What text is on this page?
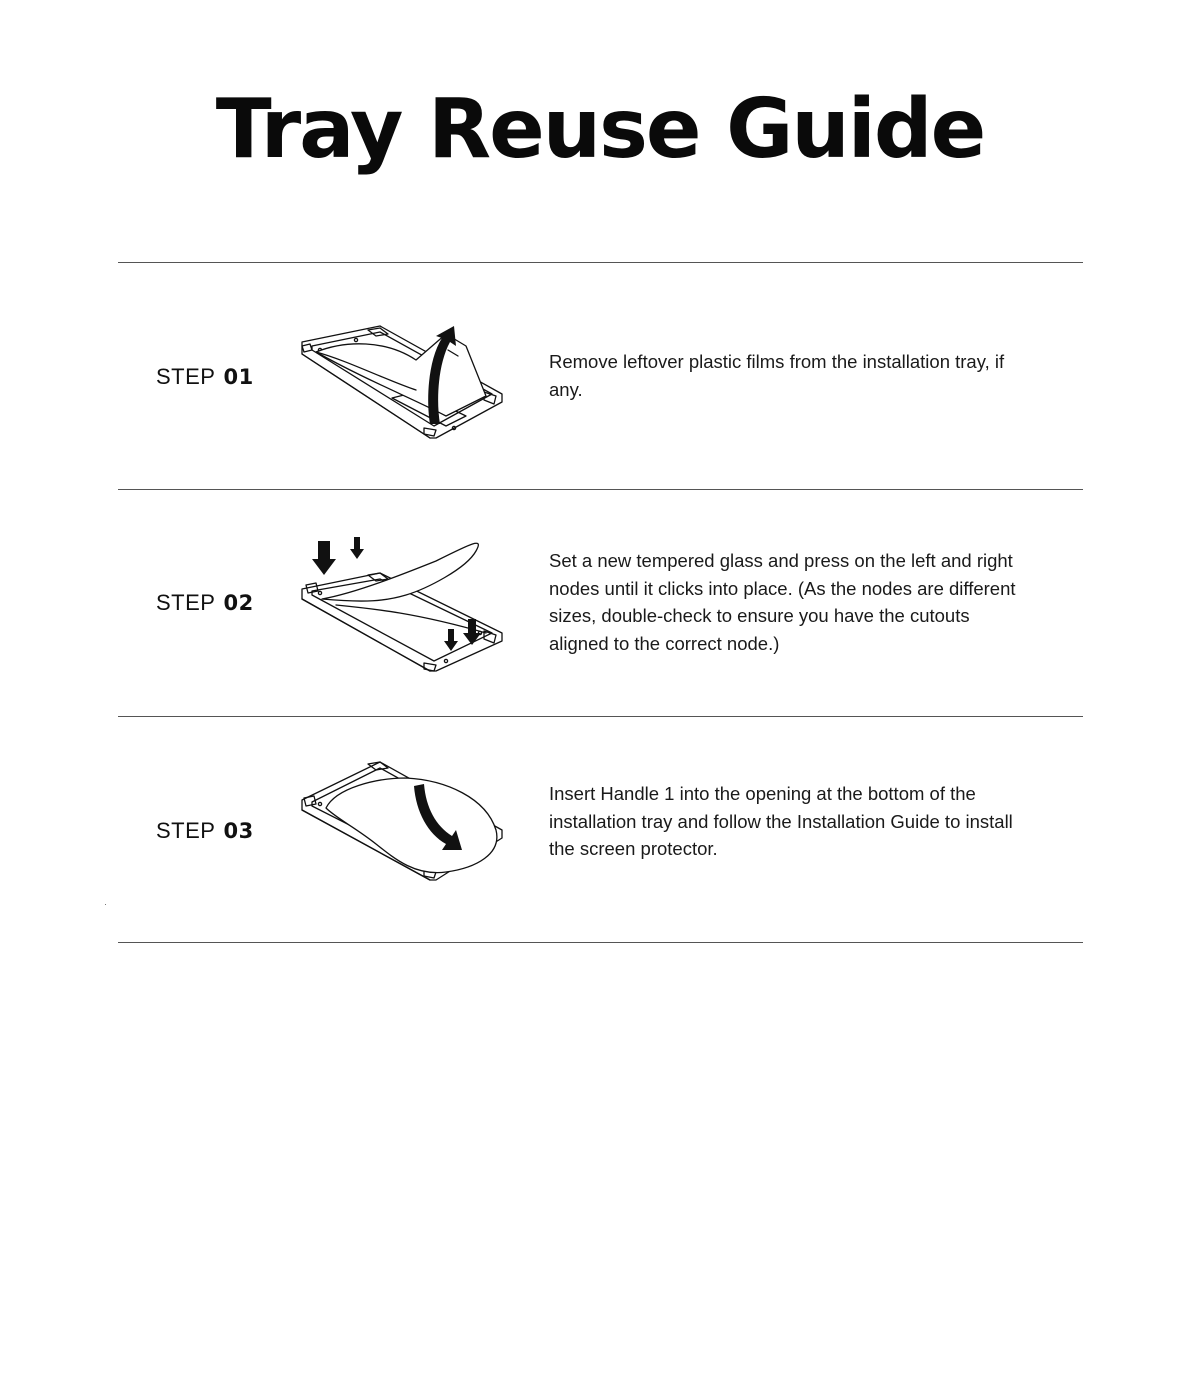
Tray Reuse Guide
STEP 01

Remove leftover plastic films from the installation tray, if any.

STEP 02

Set a new tempered glass and press on the left and right nodes until it clicks into place. (As the nodes are different sizes, double-check to ensure you have the cutouts aligned to the correct node.)

STEP 03

Insert Handle 1 into the opening at the bottom of the installation tray and follow the Installation Guide to install the screen protector.
